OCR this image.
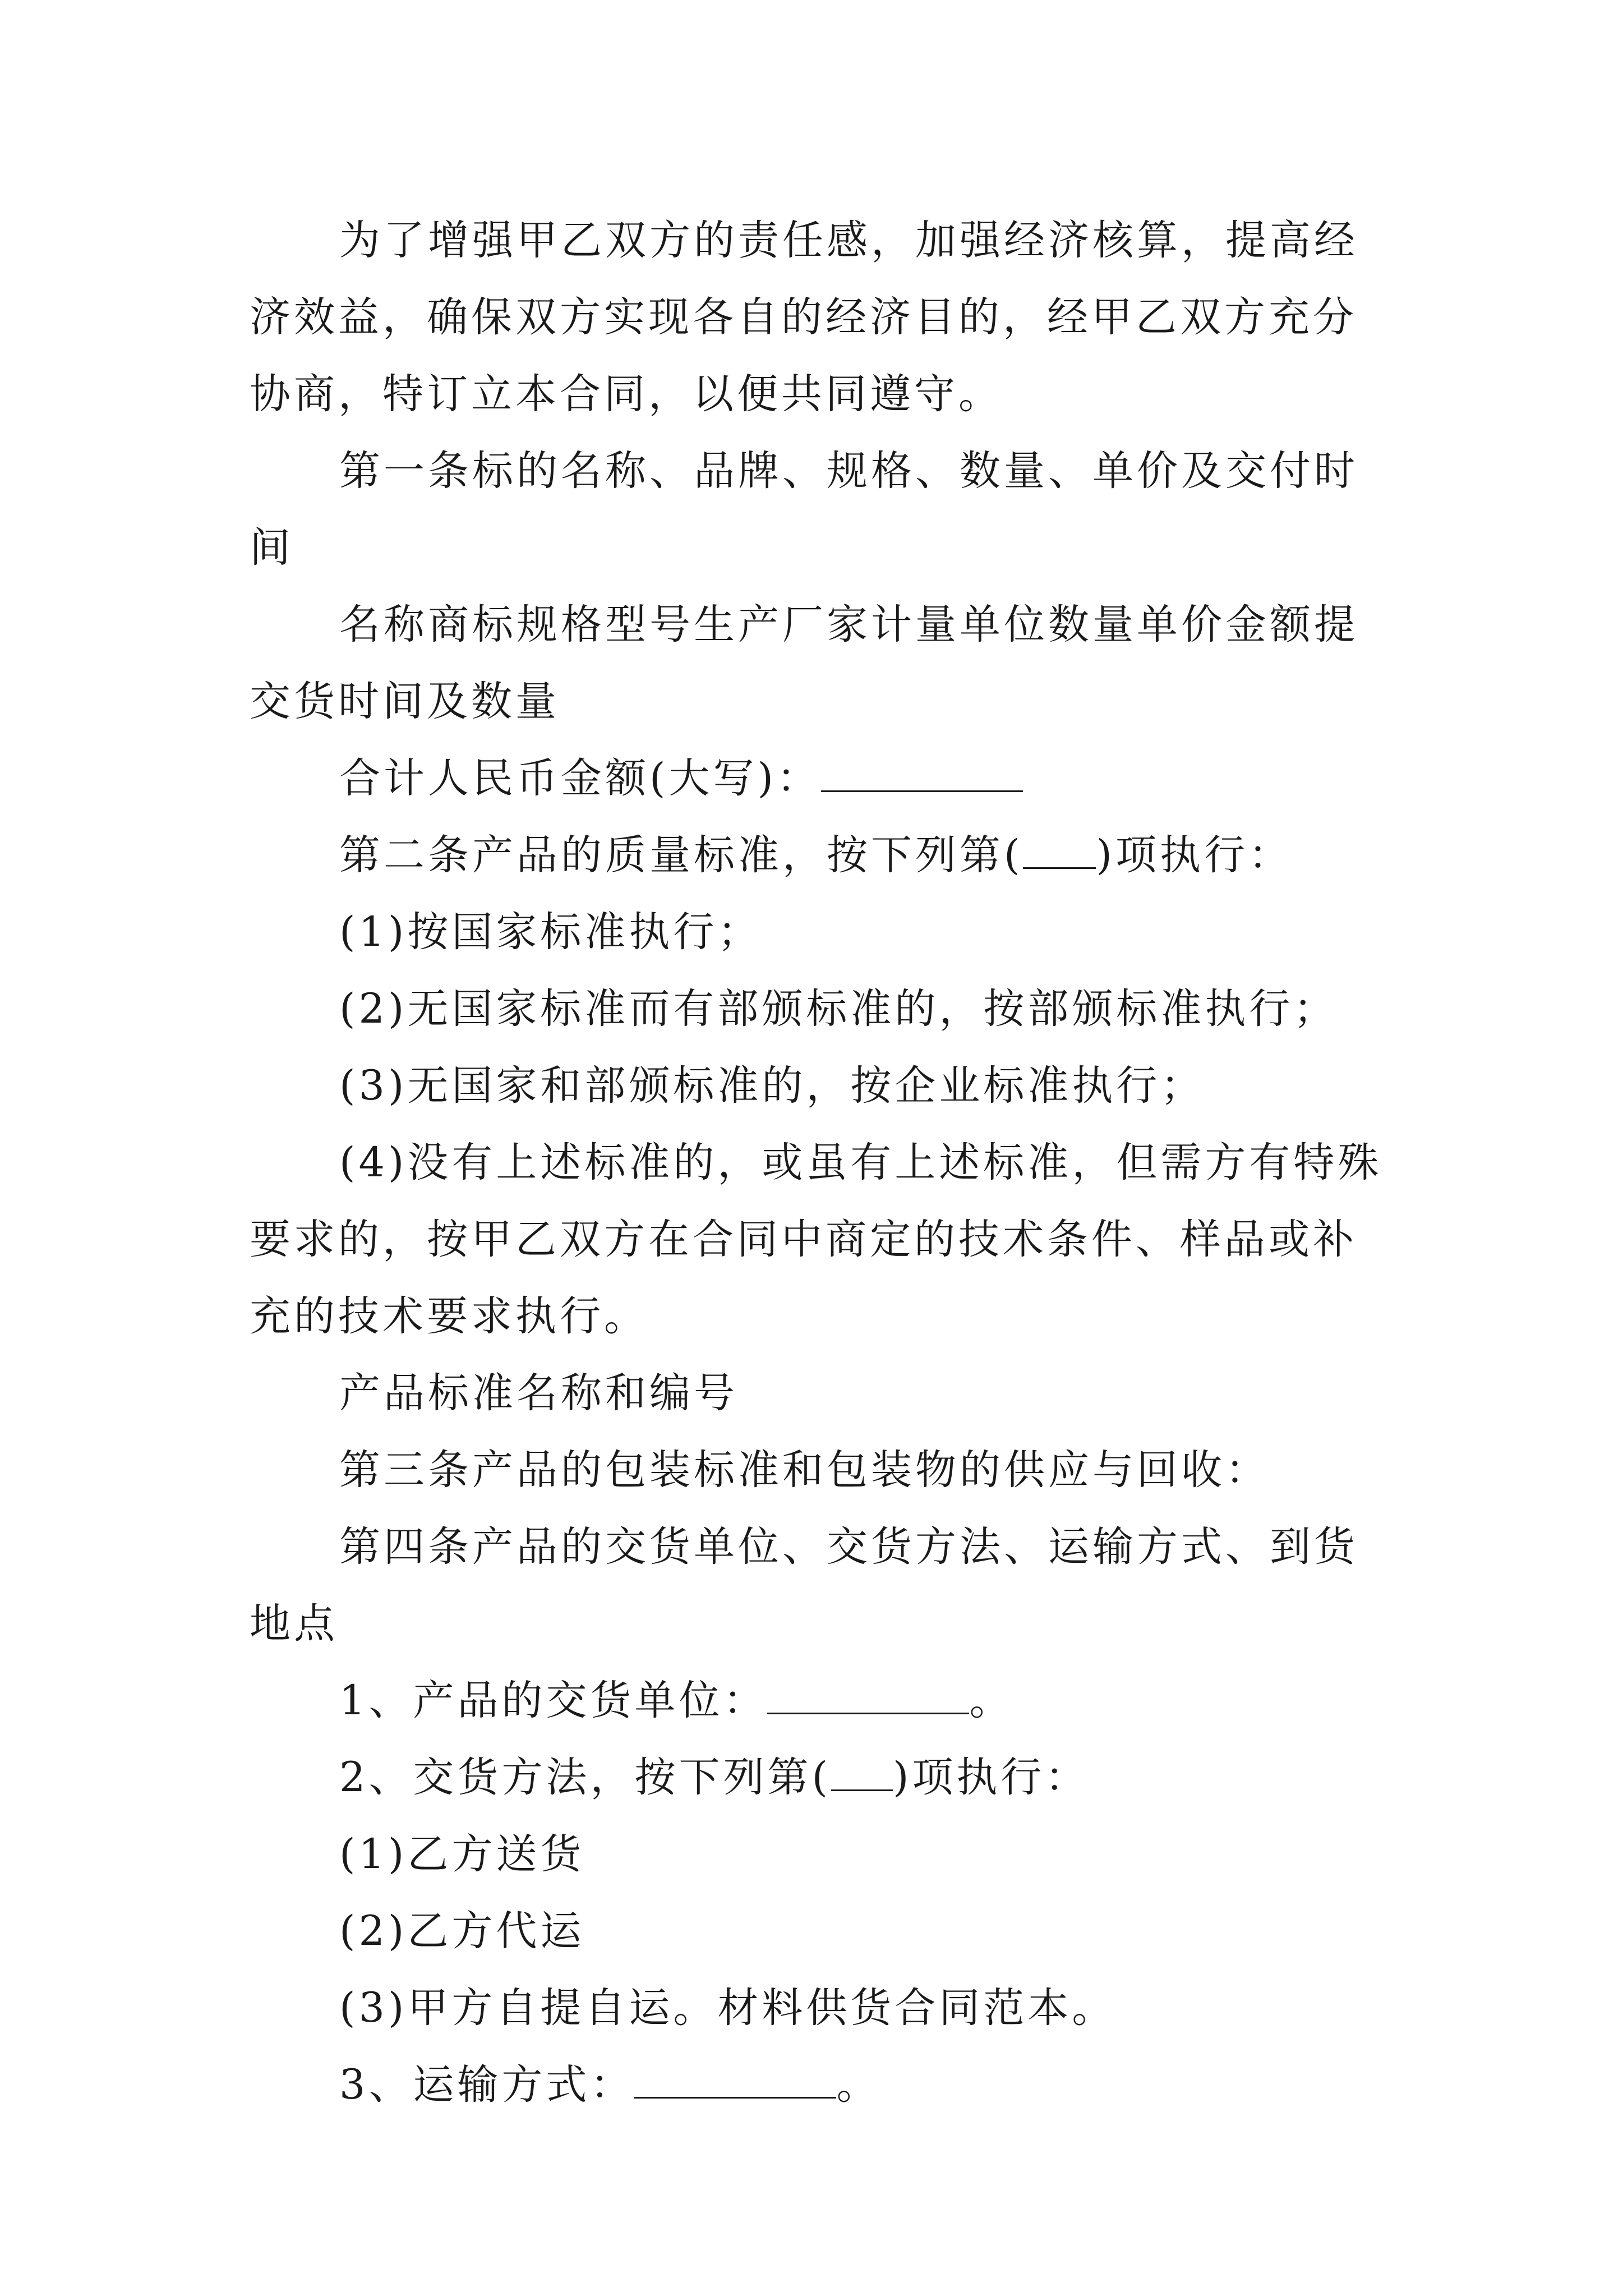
为了增强甲乙双方的责任感，加强经济核算，提高经济效益，确保双方实现各自的经济目的，经甲乙双方充分协商，特订立本合同，以便共同遵守。

第一条标的名称、品牌、规格、数量、单价及交付时间

名称商标规格型号生产厂家计量单位数量单价金额提交货时间及数量

合计人民币金额(大写)：

第二条产品的质量标准，按下列第( )项执行：

(1)按国家标准执行；

(2)无国家标准而有部颁标准的，按部颁标准执行；

(3)无国家和部颁标准的，按企业标准执行；

(4)没有上述标准的，或虽有上述标准，但需方有特殊要求的，按甲乙双方在合同中商定的技术条件、样品或补充的技术要求执行。

产品标准名称和编号

第三条产品的包装标准和包装物的供应与回收：

第四条产品的交货单位、交货方法、运输方式、到货地点

1、产品的交货单位：	。

2、交货方法，按下列第( )项执行：

(1)乙方送货

(2)乙方代运

(3)甲方自提自运。材料供货合同范本。

3、运输方式：	。
